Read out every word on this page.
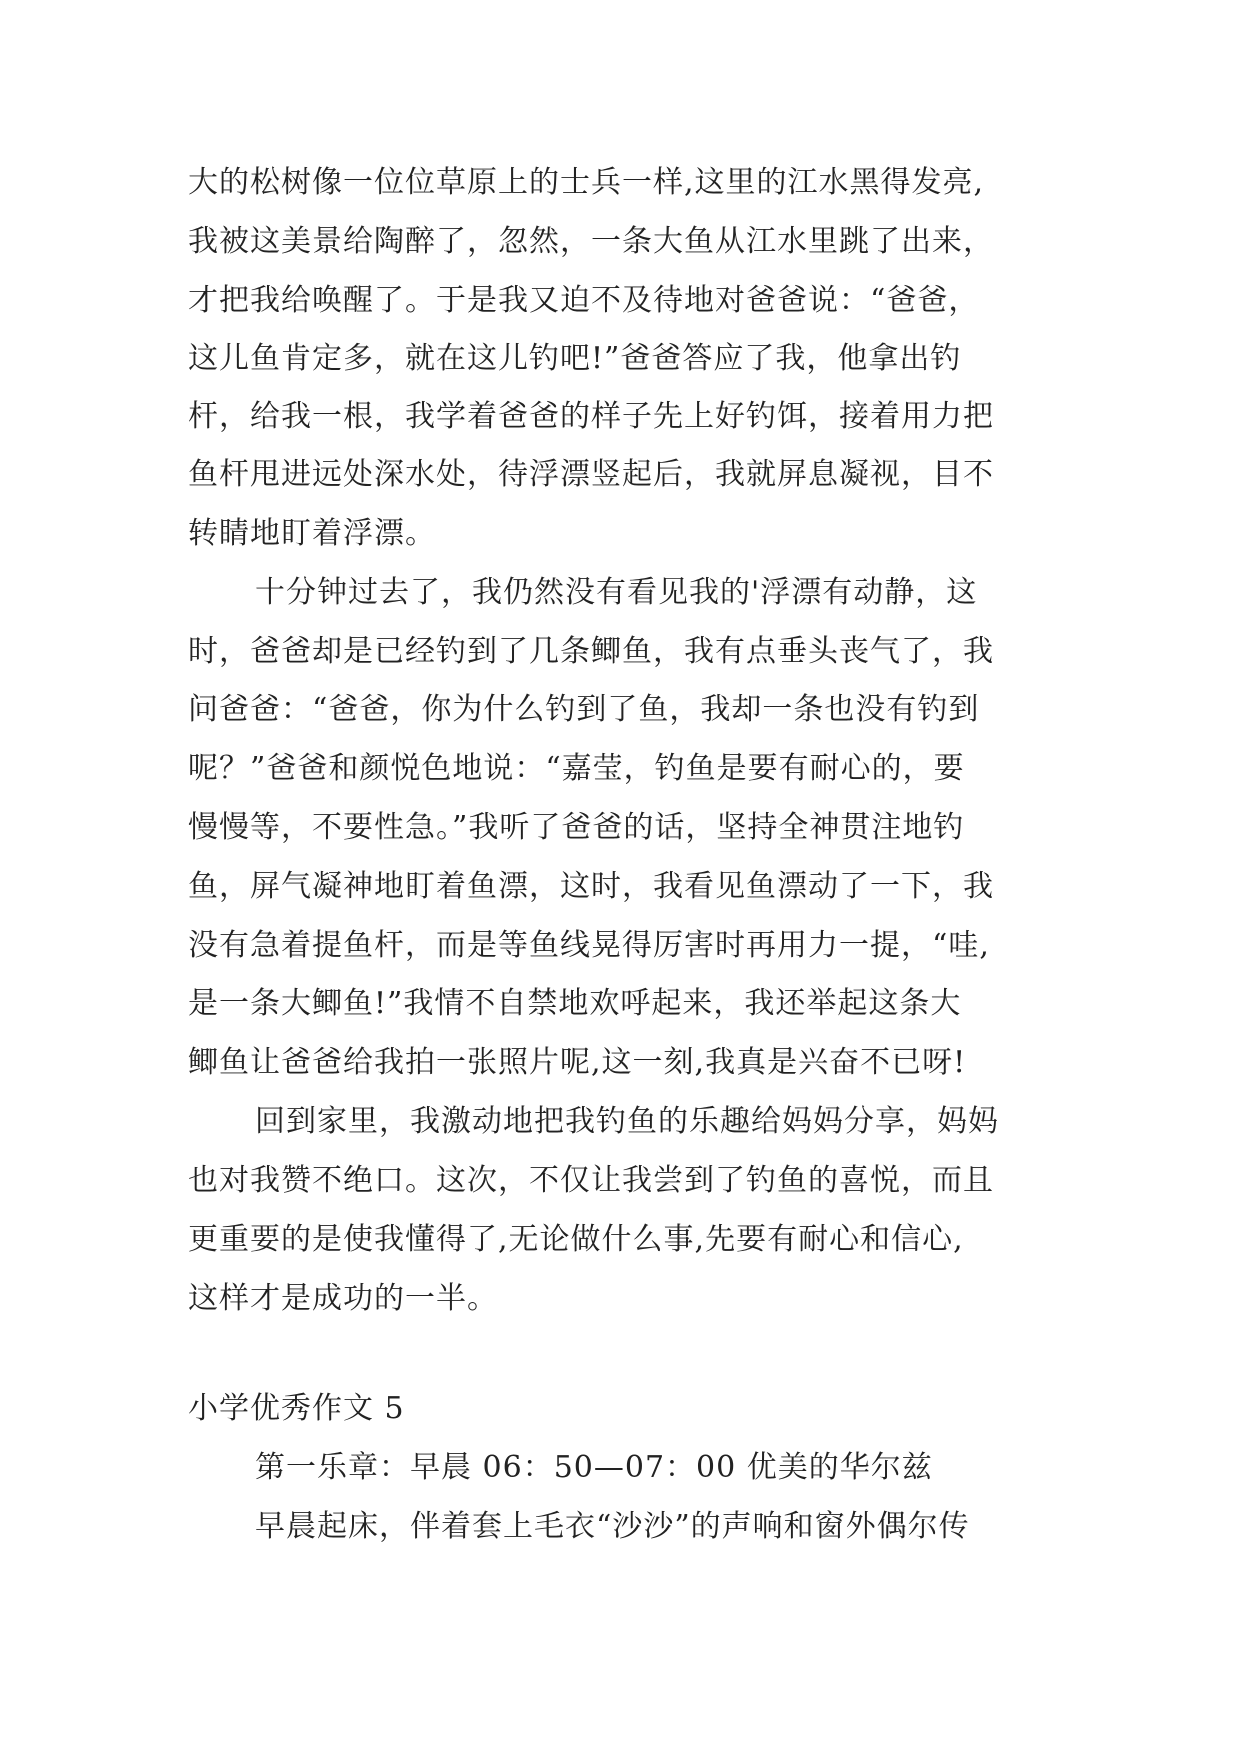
大的松树像一位位草原上的士兵一样,这里的江水黑得发亮,
我被这美景给陶醉了，忽然，一条大鱼从江水里跳了出来，
才把我给唤醒了。于是我又迫不及待地对爸爸说：“爸爸，
这儿鱼肯定多，就在这儿钓吧!”爸爸答应了我，他拿出钓
杆，给我一根，我学着爸爸的样子先上好钓饵，接着用力把
鱼杆甩进远处深水处，待浮漂竖起后，我就屏息凝视，目不
转睛地盯着浮漂。
十分钟过去了，我仍然没有看见我的'浮漂有动静，这
时，爸爸却是已经钓到了几条鲫鱼，我有点垂头丧气了，我
问爸爸：“爸爸，你为什么钓到了鱼，我却一条也没有钓到
呢？”爸爸和颜悦色地说：“嘉莹，钓鱼是要有耐心的，要
慢慢等，不要性急。”我听了爸爸的话，坚持全神贯注地钓
鱼，屏气凝神地盯着鱼漂，这时，我看见鱼漂动了一下，我
没有急着提鱼杆，而是等鱼线晃得厉害时再用力一提，“哇,
是一条大鲫鱼!”我情不自禁地欢呼起来，我还举起这条大
鲫鱼让爸爸给我拍一张照片呢,这一刻,我真是兴奋不已呀!
回到家里，我激动地把我钓鱼的乐趣给妈妈分享，妈妈
也对我赞不绝口。这次，不仅让我尝到了钓鱼的喜悦，而且
更重要的是使我懂得了,无论做什么事,先要有耐心和信心,
这样才是成功的一半。
小学优秀作文 5
第一乐章：早晨 06：50—07：00 优美的华尔兹
早晨起床，伴着套上毛衣“沙沙”的声响和窗外偶尔传
